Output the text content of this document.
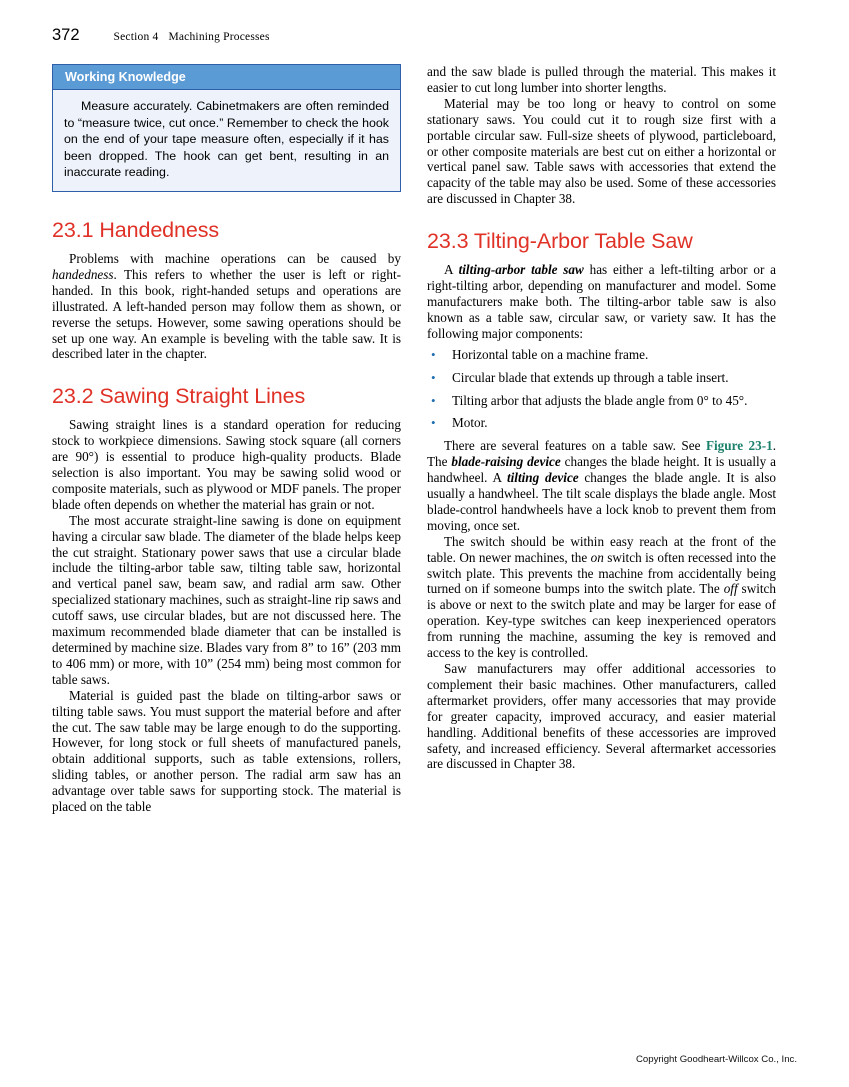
372	Section 4 Machining Processes
Working Knowledge

Measure accurately. Cabinetmakers are often reminded to “measure twice, cut once.” Remember to check the hook on the end of your tape measure often, especially if it has been dropped. The hook can get bent, resulting in an inaccurate reading.

23.1 Handedness

Problems with machine operations can be caused by handedness. This refers to whether the user is left or right-handed. In this book, right-handed setups and operations are illustrated. A left-handed person may follow them as shown, or reverse the setups. However, some sawing operations should be set up one way. An example is beveling with the table saw. It is described later in the chapter.

23.2 Sawing Straight Lines

Sawing straight lines is a standard operation for reducing stock to workpiece dimensions. Sawing stock square (all corners are 90°) is essential to produce high-quality products. Blade selection is also important. You may be sawing solid wood or composite materials, such as plywood or MDF panels. The proper blade often depends on whether the material has grain or not.

The most accurate straight-line sawing is done on equipment having a circular saw blade. The diameter of the blade helps keep the cut straight. Stationary power saws that use a circular blade include the tilting-arbor table saw, tilting table saw, horizontal and vertical panel saw, beam saw, and radial arm saw. Other specialized stationary machines, such as straight-line rip saws and cutoff saws, use circular blades, but are not discussed here. The maximum recommended blade diameter that can be installed is determined by machine size. Blades vary from 8” to 16” (203 mm to 406 mm) or more, with 10” (254 mm) being most common for table saws.

Material is guided past the blade on tilting-arbor saws or tilting table saws. You must support the material before and after the cut. The saw table may be large enough to do the supporting. However, for long stock or full sheets of manufactured panels, obtain additional supports, such as table extensions, rollers, sliding tables, or another person. The radial arm saw has an advantage over table saws for supporting stock. The material is placed on the table

and the saw blade is pulled through the material. This makes it easier to cut long lumber into shorter lengths.

Material may be too long or heavy to control on some stationary saws. You could cut it to rough size first with a portable circular saw. Full-size sheets of plywood, particleboard, or other composite materials are best cut on either a horizontal or vertical panel saw. Table saws with accessories that extend the capacity of the table may also be used. Some of these accessories are discussed in Chapter 38.

23.3 Tilting-Arbor Table Saw

A tilting-arbor table saw has either a left-tilting arbor or a right-tilting arbor, depending on manufacturer and model. Some manufacturers make both. The tilting-arbor table saw is also known as a table saw, circular saw, or variety saw. It has the following major components:

• Horizontal table on a machine frame.
• Circular blade that extends up through a table insert.
• Tilting arbor that adjusts the blade angle from 0° to 45°.
• Motor.

There are several features on a table saw. See Figure 23-1. The blade-raising device changes the blade height. It is usually a handwheel. A tilting device changes the blade angle. It is also usually a handwheel. The tilt scale displays the blade angle. Most blade-control handwheels have a lock knob to prevent them from moving, once set.

The switch should be within easy reach at the front of the table. On newer machines, the on switch is often recessed into the switch plate. This prevents the machine from accidentally being turned on if someone bumps into the switch plate. The off switch is above or next to the switch plate and may be larger for ease of operation. Key-type switches can keep inexperienced operators from running the machine, assuming the key is removed and access to the key is controlled.

Saw manufacturers may offer additional accessories to complement their basic machines. Other manufacturers, called aftermarket providers, offer many accessories that may provide for greater capacity, improved accuracy, and easier material handling. Additional benefits of these accessories are improved safety, and increased efficiency. Several aftermarket accessories are discussed in Chapter 38.

Copyright Goodheart-Willcox Co., Inc.
